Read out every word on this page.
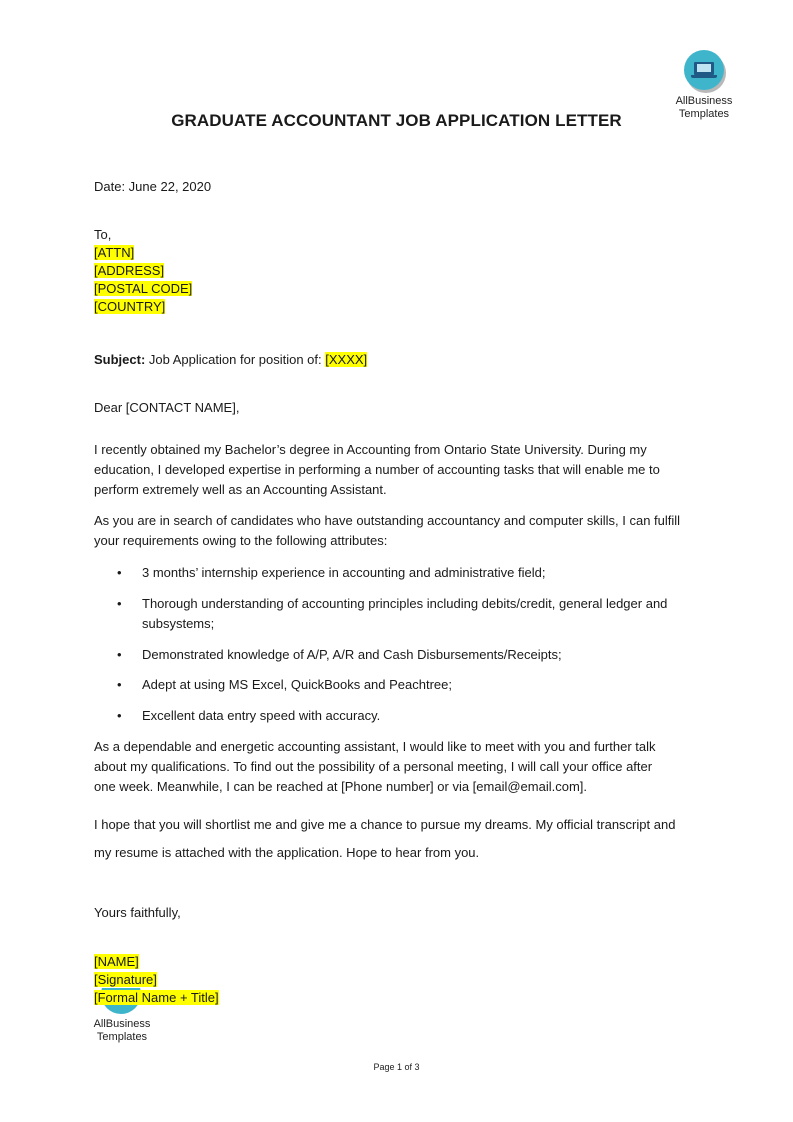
AllBusiness
Templates
GRADUATE ACCOUNTANT JOB APPLICATION LETTER
Date: June 22, 2020
To,
[ATTN]
[ADDRESS]
[POSTAL CODE]
[COUNTRY]
Subject: Job Application for position of: [XXXX]
Dear [CONTACT NAME],
I recently obtained my Bachelor’s degree in Accounting from Ontario State University. During my
education, I developed expertise in performing a number of accounting tasks that will enable me to
perform extremely well as an Accounting Assistant.
As you are in search of candidates who have outstanding accountancy and computer skills, I can fulfill
your requirements owing to the following attributes:
• 3 months’ internship experience in accounting and administrative field;
• Thorough understanding of accounting principles including debits/credit, general ledger and
subsystems;
• Demonstrated knowledge of A/P, A/R and Cash Disbursements/Receipts;
• Adept at using MS Excel, QuickBooks and Peachtree;
• Excellent data entry speed with accuracy.
As a dependable and energetic accounting assistant, I would like to meet with you and further talk
about my qualifications. To find out the possibility of a personal meeting, I will call your office after
one week. Meanwhile, I can be reached at [Phone number] or via [email@email.com].
I hope that you will shortlist me and give me a chance to pursue my dreams. My official transcript and
my resume is attached with the application. Hope to hear from you.
Yours faithfully,
AllBusiness
Templates
[NAME]
[Signature]
[Formal Name + Title]
Page 1 of 3
